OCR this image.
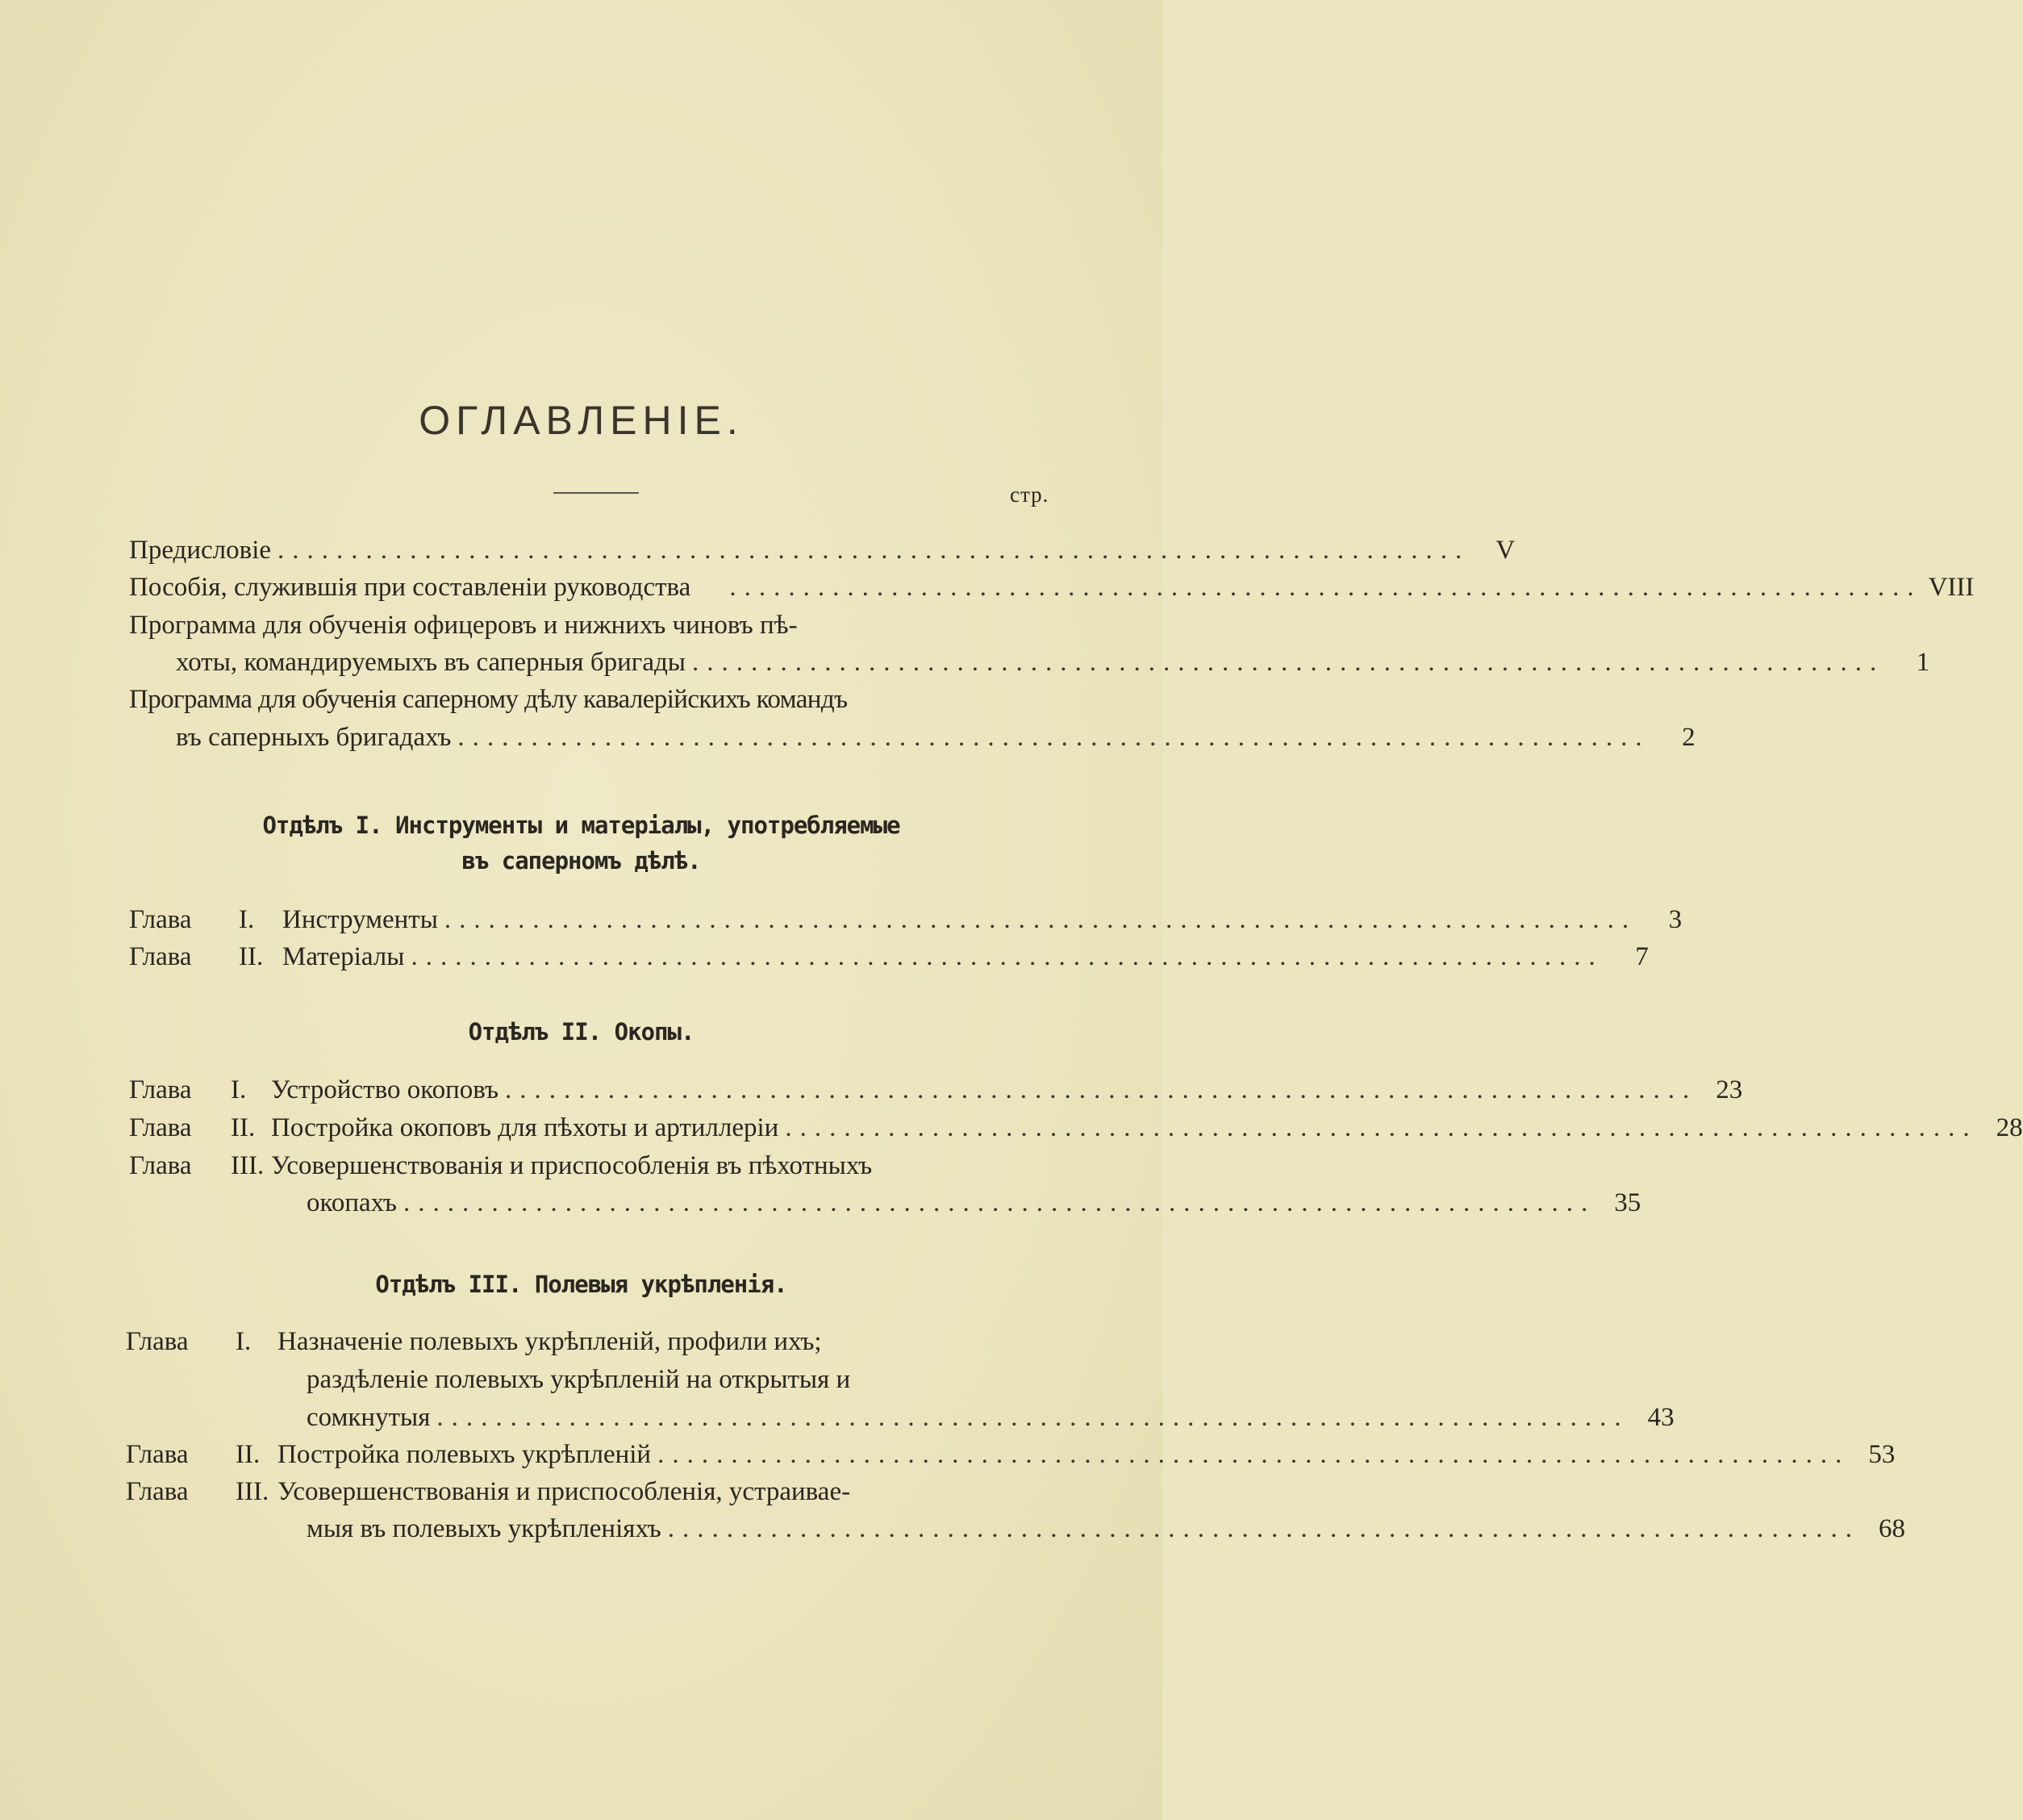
ОГЛАВЛЕНІЕ.
стр.
Предисловіе ................................................................................. V
Пособія, служившія при составленіи руководства	................................................................................. VIII
Программа для обученія офицеровъ и нижнихъ чиновъ пѣ-
хоты, командируемыхъ въ саперныя бригады .................................................................................	1
Программа для обученія саперному дѣлу кавалерійскихъ командъ
въ саперныхъ бригадахъ .................................................................................	2
Отдѣлъ I. Инструменты и матеріалы, употребляемые
въ саперномъ дѣлѣ.
Глава	I.	Инструменты .................................................................................	3
Глава	II. Матеріалы .................................................................................	7
Отдѣлъ II. Окопы.
Глава	I. Устройство окоповъ ................................................................................. 23
Глава	II. Постройка окоповъ для пѣхоты и артиллеріи ................................................................................. 28
Глава III. Усовершенствованія и приспособленія въ пѣхотныхъ
окопахъ ................................................................................. 35
Отдѣлъ III. Полевыя укрѣпленія.
Глава I. Назначеніе полевыхъ укрѣпленій, профили ихъ;
раздѣленіе полевыхъ укрѣпленій на открытыя и
сомкнутыя ................................................................................. 43
Глава	II. Постройка полевыхъ укрѣпленій ................................................................................. 53
Глава III. Усовершенствованія и приспособленія, устраивае-
мыя въ полевыхъ укрѣпленіяхъ ................................................................................. 68
